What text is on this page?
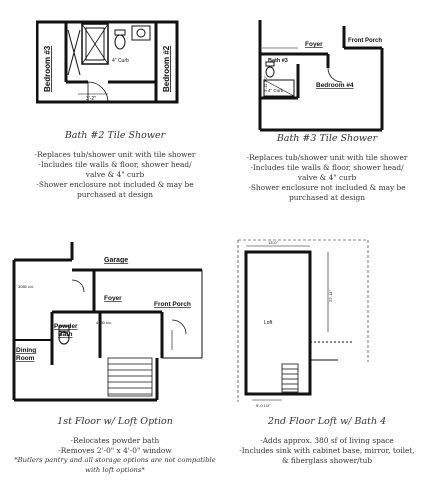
Bedroom #3	Bedroom #2
4" Curb
3'-2"
Foyer	Front Porch
Bath #3
Bedroom #4
4" Curb
3'-11 1/2"
Garage
Foyer
Front Porch
Powder
Bath
Dining
Room
3080 c/o
4080 c/o	Loft
13'-0"
22'-11"
9'-0 1/2"
Bath #2 Tile Shower
-Replaces tub/shower unit with tile shower
-Includes tile walls & floor, shower head/
valve & 4" curb
-Shower enclosure not included & may be
purchased at design
Bath #3 Tile Shower
-Replaces tub/shower unit with tile shower
-Includes tile walls & floor, shower head/
valve & 4" curb
-Shower enclosure not included & may be
purchased at design
1st Floor w/ Loft Option
-Relocates powder bath
-Removes 2'-0" x 4'-0" window
*Butlers pantry and all storage options are not compatible
with loft options*
2nd Floor Loft w/ Bath 4
-Adds approx. 380 sf of living space
-Includes sink with cabinet base, mirror, toilet,
& fiberglass shower/tub
